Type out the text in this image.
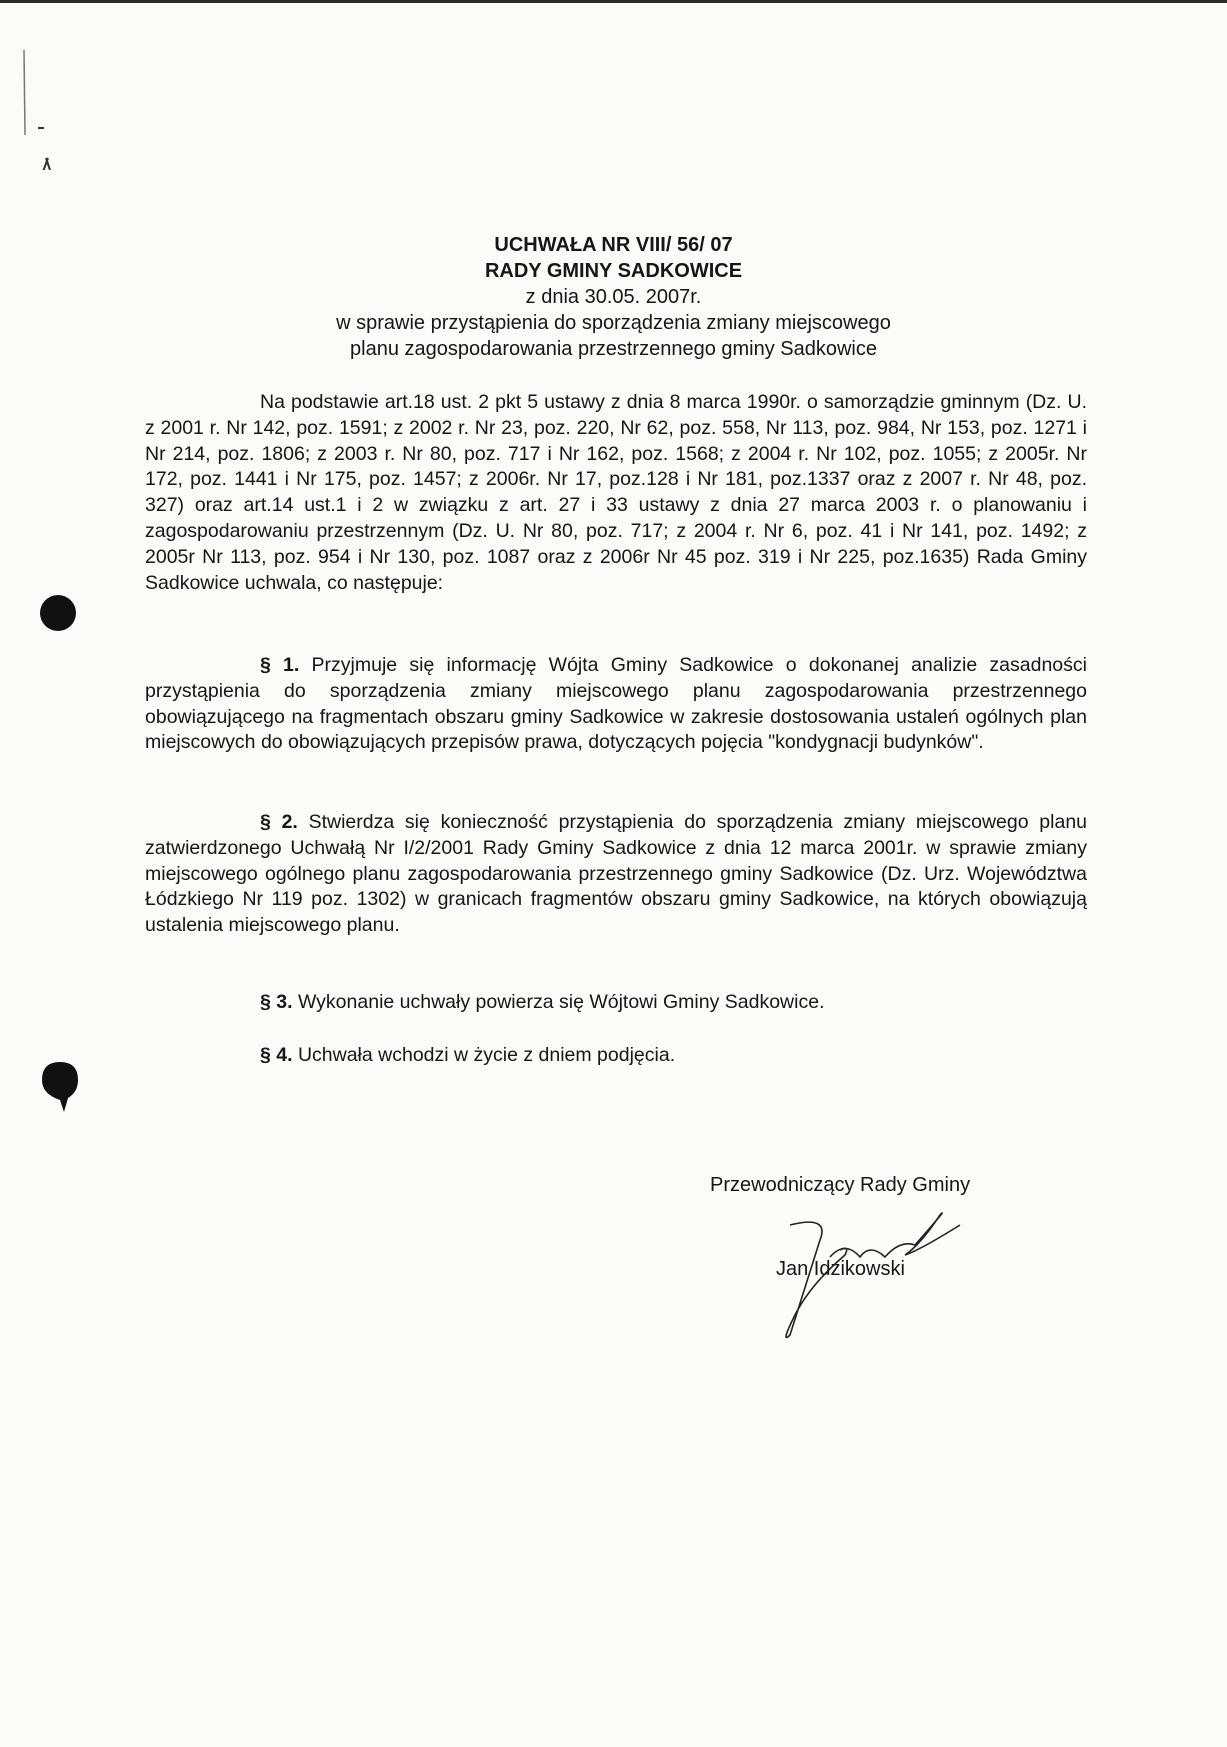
UCHWAŁA NR VIII/ 56/ 07
RADY GMINY SADKOWICE
z dnia 30.05. 2007r.
w sprawie przystąpienia do sporządzenia zmiany miejscowego
planu zagospodarowania przestrzennego gminy Sadkowice

Na podstawie art.18 ust. 2 pkt 5 ustawy z dnia 8 marca 1990r. o samorządzie gminnym (Dz. U. z 2001 r. Nr 142, poz. 1591; z 2002 r. Nr 23, poz. 220, Nr 62, poz. 558, Nr 113, poz. 984, Nr 153, poz. 1271 i Nr 214, poz. 1806; z 2003 r. Nr 80, poz. 717 i Nr 162, poz. 1568; z 2004 r. Nr 102, poz. 1055; z 2005r. Nr 172, poz. 1441 i Nr 175, poz. 1457; z 2006r. Nr 17, poz.128 i Nr 181, poz.1337 oraz z 2007 r. Nr 48, poz. 327) oraz art.14 ust.1 i 2 w związku z art. 27 i 33 ustawy z dnia 27 marca 2003 r. o planowaniu i zagospodarowaniu przestrzennym (Dz. U. Nr 80, poz. 717; z 2004 r. Nr 6, poz. 41 i Nr 141, poz. 1492; z 2005r Nr 113, poz. 954 i Nr 130, poz. 1087 oraz z 2006r Nr 45 poz. 319 i Nr 225, poz.1635) Rada Gminy Sadkowice uchwala, co następuje:

§ 1. Przyjmuje się informację Wójta Gminy Sadkowice o dokonanej analizie zasadności przystąpienia do sporządzenia zmiany miejscowego planu zagospodarowania przestrzennego obowiązującego na fragmentach obszaru gminy Sadkowice w zakresie dostosowania ustaleń ogólnych plan miejscowych do obowiązujących przepisów prawa, dotyczących pojęcia "kondygnacji budynków".

§ 2. Stwierdza się konieczność przystąpienia do sporządzenia zmiany miejscowego planu zatwierdzonego Uchwałą Nr I/2/2001 Rady Gminy Sadkowice z dnia 12 marca 2001r. w sprawie zmiany miejscowego ogólnego planu zagospodarowania przestrzennego gminy Sadkowice (Dz. Urz. Województwa Łódzkiego Nr 119 poz. 1302) w granicach fragmentów obszaru gminy Sadkowice, na których obowiązują ustalenia miejscowego planu.

§ 3. Wykonanie uchwały powierza się Wójtowi Gminy Sadkowice.

§ 4. Uchwała wchodzi w życie z dniem podjęcia.

Przewodniczący Rady Gminy
Jan Idzikowski
